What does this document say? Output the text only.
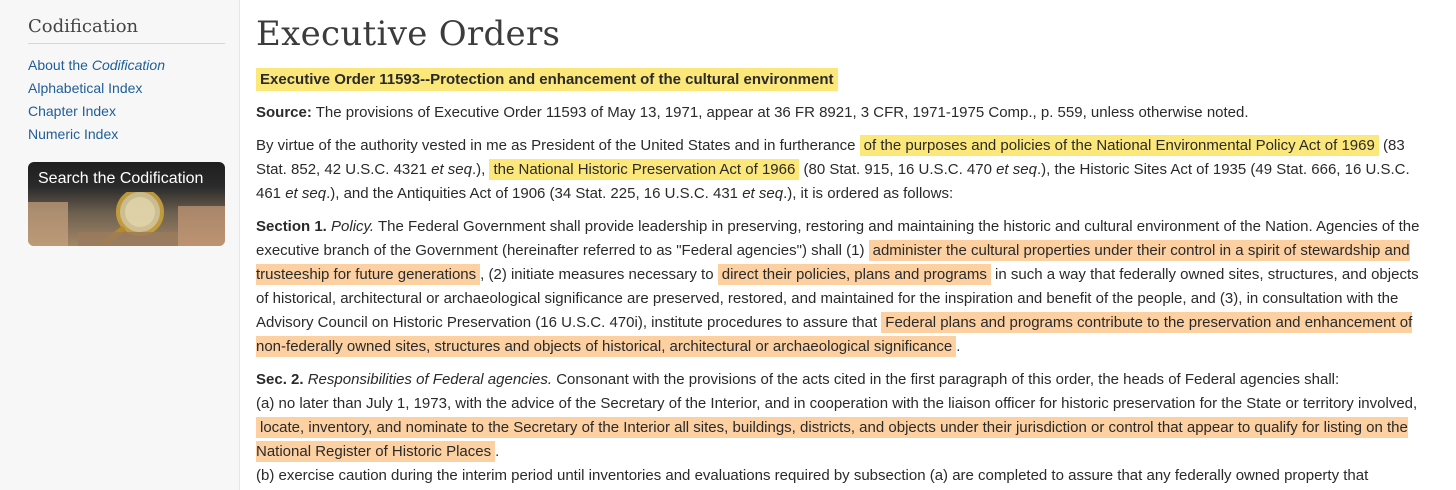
Codification
About the Codification
Alphabetical Index
Chapter Index
Numeric Index
Search the Codification
Executive Orders
Executive Order 11593--Protection and enhancement of the cultural environment

Source: The provisions of Executive Order 11593 of May 13, 1971, appear at 36 FR 8921, 3 CFR, 1971-1975 Comp., p. 559, unless otherwise noted.

By virtue of the authority vested in me as President of the United States and in furtherance of the purposes and policies of the National Environmental Policy Act of 1969 (83 Stat. 852, 42 U.S.C. 4321 et seq.), the National Historic Preservation Act of 1966 (80 Stat. 915, 16 U.S.C. 470 et seq.), the Historic Sites Act of 1935 (49 Stat. 666, 16 U.S.C. 461 et seq.), and the Antiquities Act of 1906 (34 Stat. 225, 16 U.S.C. 431 et seq.), it is ordered as follows:

Section 1. Policy. The Federal Government shall provide leadership in preserving, restoring and maintaining the historic and cultural environment of the Nation. Agencies of the executive branch of the Government (hereinafter referred to as "Federal agencies") shall (1) administer the cultural properties under their control in a spirit of stewardship and trusteeship for future generations , (2) initiate measures necessary to direct their policies, plans and programs in such a way that federally owned sites, structures, and objects of historical, architectural or archaeological significance are preserved, restored, and maintained for the inspiration and benefit of the people, and (3), in consultation with the Advisory Council on Historic Preservation (16 U.S.C. 470i), institute procedures to assure that Federal plans and programs contribute to the preservation and enhancement of non-federally owned sites, structures and objects of historical, architectural or archaeological significance .

Sec. 2. Responsibilities of Federal agencies. Consonant with the provisions of the acts cited in the first paragraph of this order, the heads of Federal agencies shall:
(a) no later than July 1, 1973, with the advice of the Secretary of the Interior, and in cooperation with the liaison officer for historic preservation for the State or territory involved, locate, inventory, and nominate to the Secretary of the Interior all sites, buildings, districts, and objects under their jurisdiction or control that appear to qualify for listing on the National Register of Historic Places .
(b) exercise caution during the interim period until inventories and evaluations required by subsection (a) are completed to assure that any federally owned property that
